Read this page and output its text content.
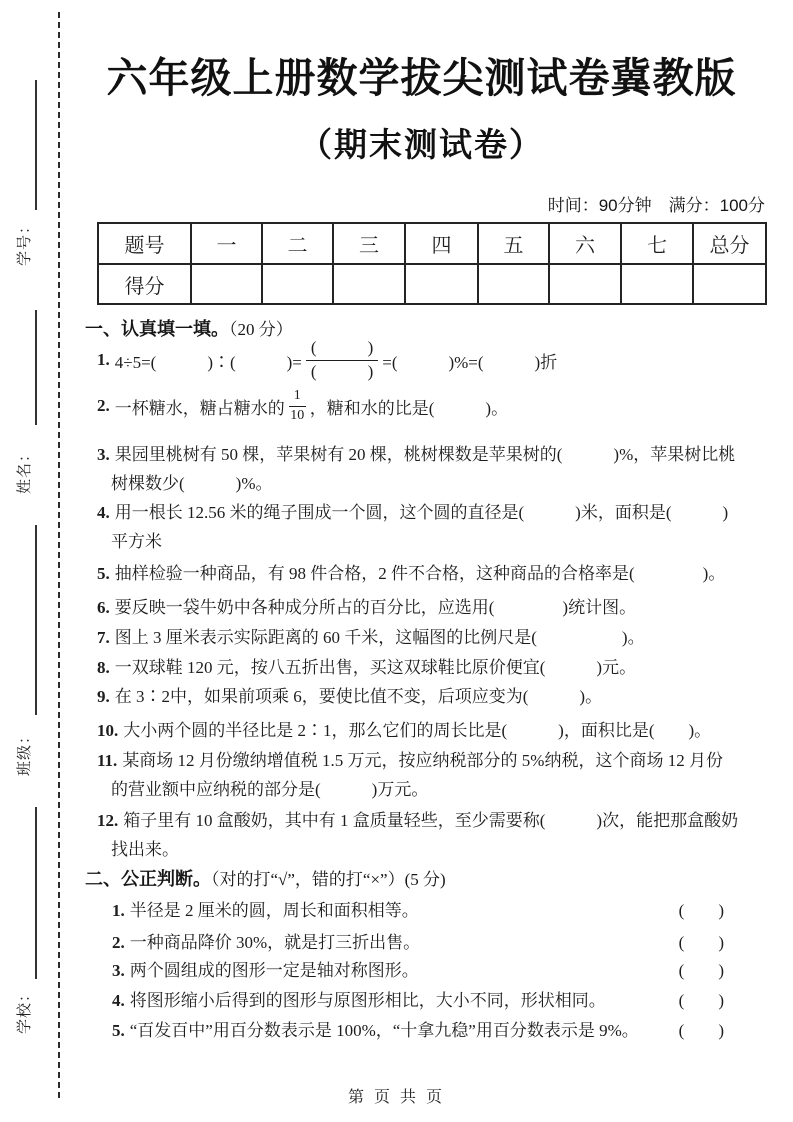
学号：
姓名：
班级：
学校：
六年级上册数学拔尖测试卷冀教版
（期末测试卷）
时间：90分钟　满分：100分
题号	一	二	三	四	五	六	七	总分
得分								
一、认真填一填。（20 分）
1. 4÷5=(　　　)∶(　　　)= $\frac{( )}{( )}$ =(　　　)%=(　　　)折
2. 一杯糖水，糖占糖水的 $\frac{1}{10}$ ，糖和水的比是(　　　)。
3. 果园里桃树有 50 棵，苹果树有 20 棵，桃树棵数是苹果树的(　　　)%，苹果树比桃
树棵数少(　　　)%。
4. 用一根长 12.56 米的绳子围成一个圆，这个圆的直径是(　　　)米，面积是(　　　)
平方米
5. 抽样检验一种商品，有 98 件合格，2 件不合格，这种商品的合格率是(　　　　)。
6. 要反映一袋牛奶中各种成分所占的百分比，应选用(　　　　)统计图。
7. 图上 3 厘米表示实际距离的 60 千米，这幅图的比例尺是(　　　　　)。
8. 一双球鞋 120 元，按八五折出售，买这双球鞋比原价便宜(　　　)元。
9. 在 3∶2中，如果前项乘 6，要使比值不变，后项应变为(　　　)。
10. 大小两个圆的半径比是 2∶1，那么它们的周长比是(　　　)，面积比是(　　)。
11. 某商场 12 月份缴纳增值税 1.5 万元，按应纳税部分的 5%纳税，这个商场 12 月份
的营业额中应纳税的部分是(　　　)万元。
12. 箱子里有 10 盒酸奶，其中有 1 盒质量轻些，至少需要称(　　　)次，能把那盒酸奶
找出来。
二、公正判断。（对的打“√”，错的打“×”）(5 分)
1. 半径是 2 厘米的圆，周长和面积相等。	(　　)
2. 一种商品降价 30%，就是打三折出售。	(　　)
3. 两个圆组成的图形一定是轴对称图形。	(　　)
4. 将图形缩小后得到的图形与原图形相比，大小不同，形状相同。	(　　)
5. “百发百中”用百分数表示是 100%，“十拿九稳”用百分数表示是 9%。 (　　)
第 页 共 页
